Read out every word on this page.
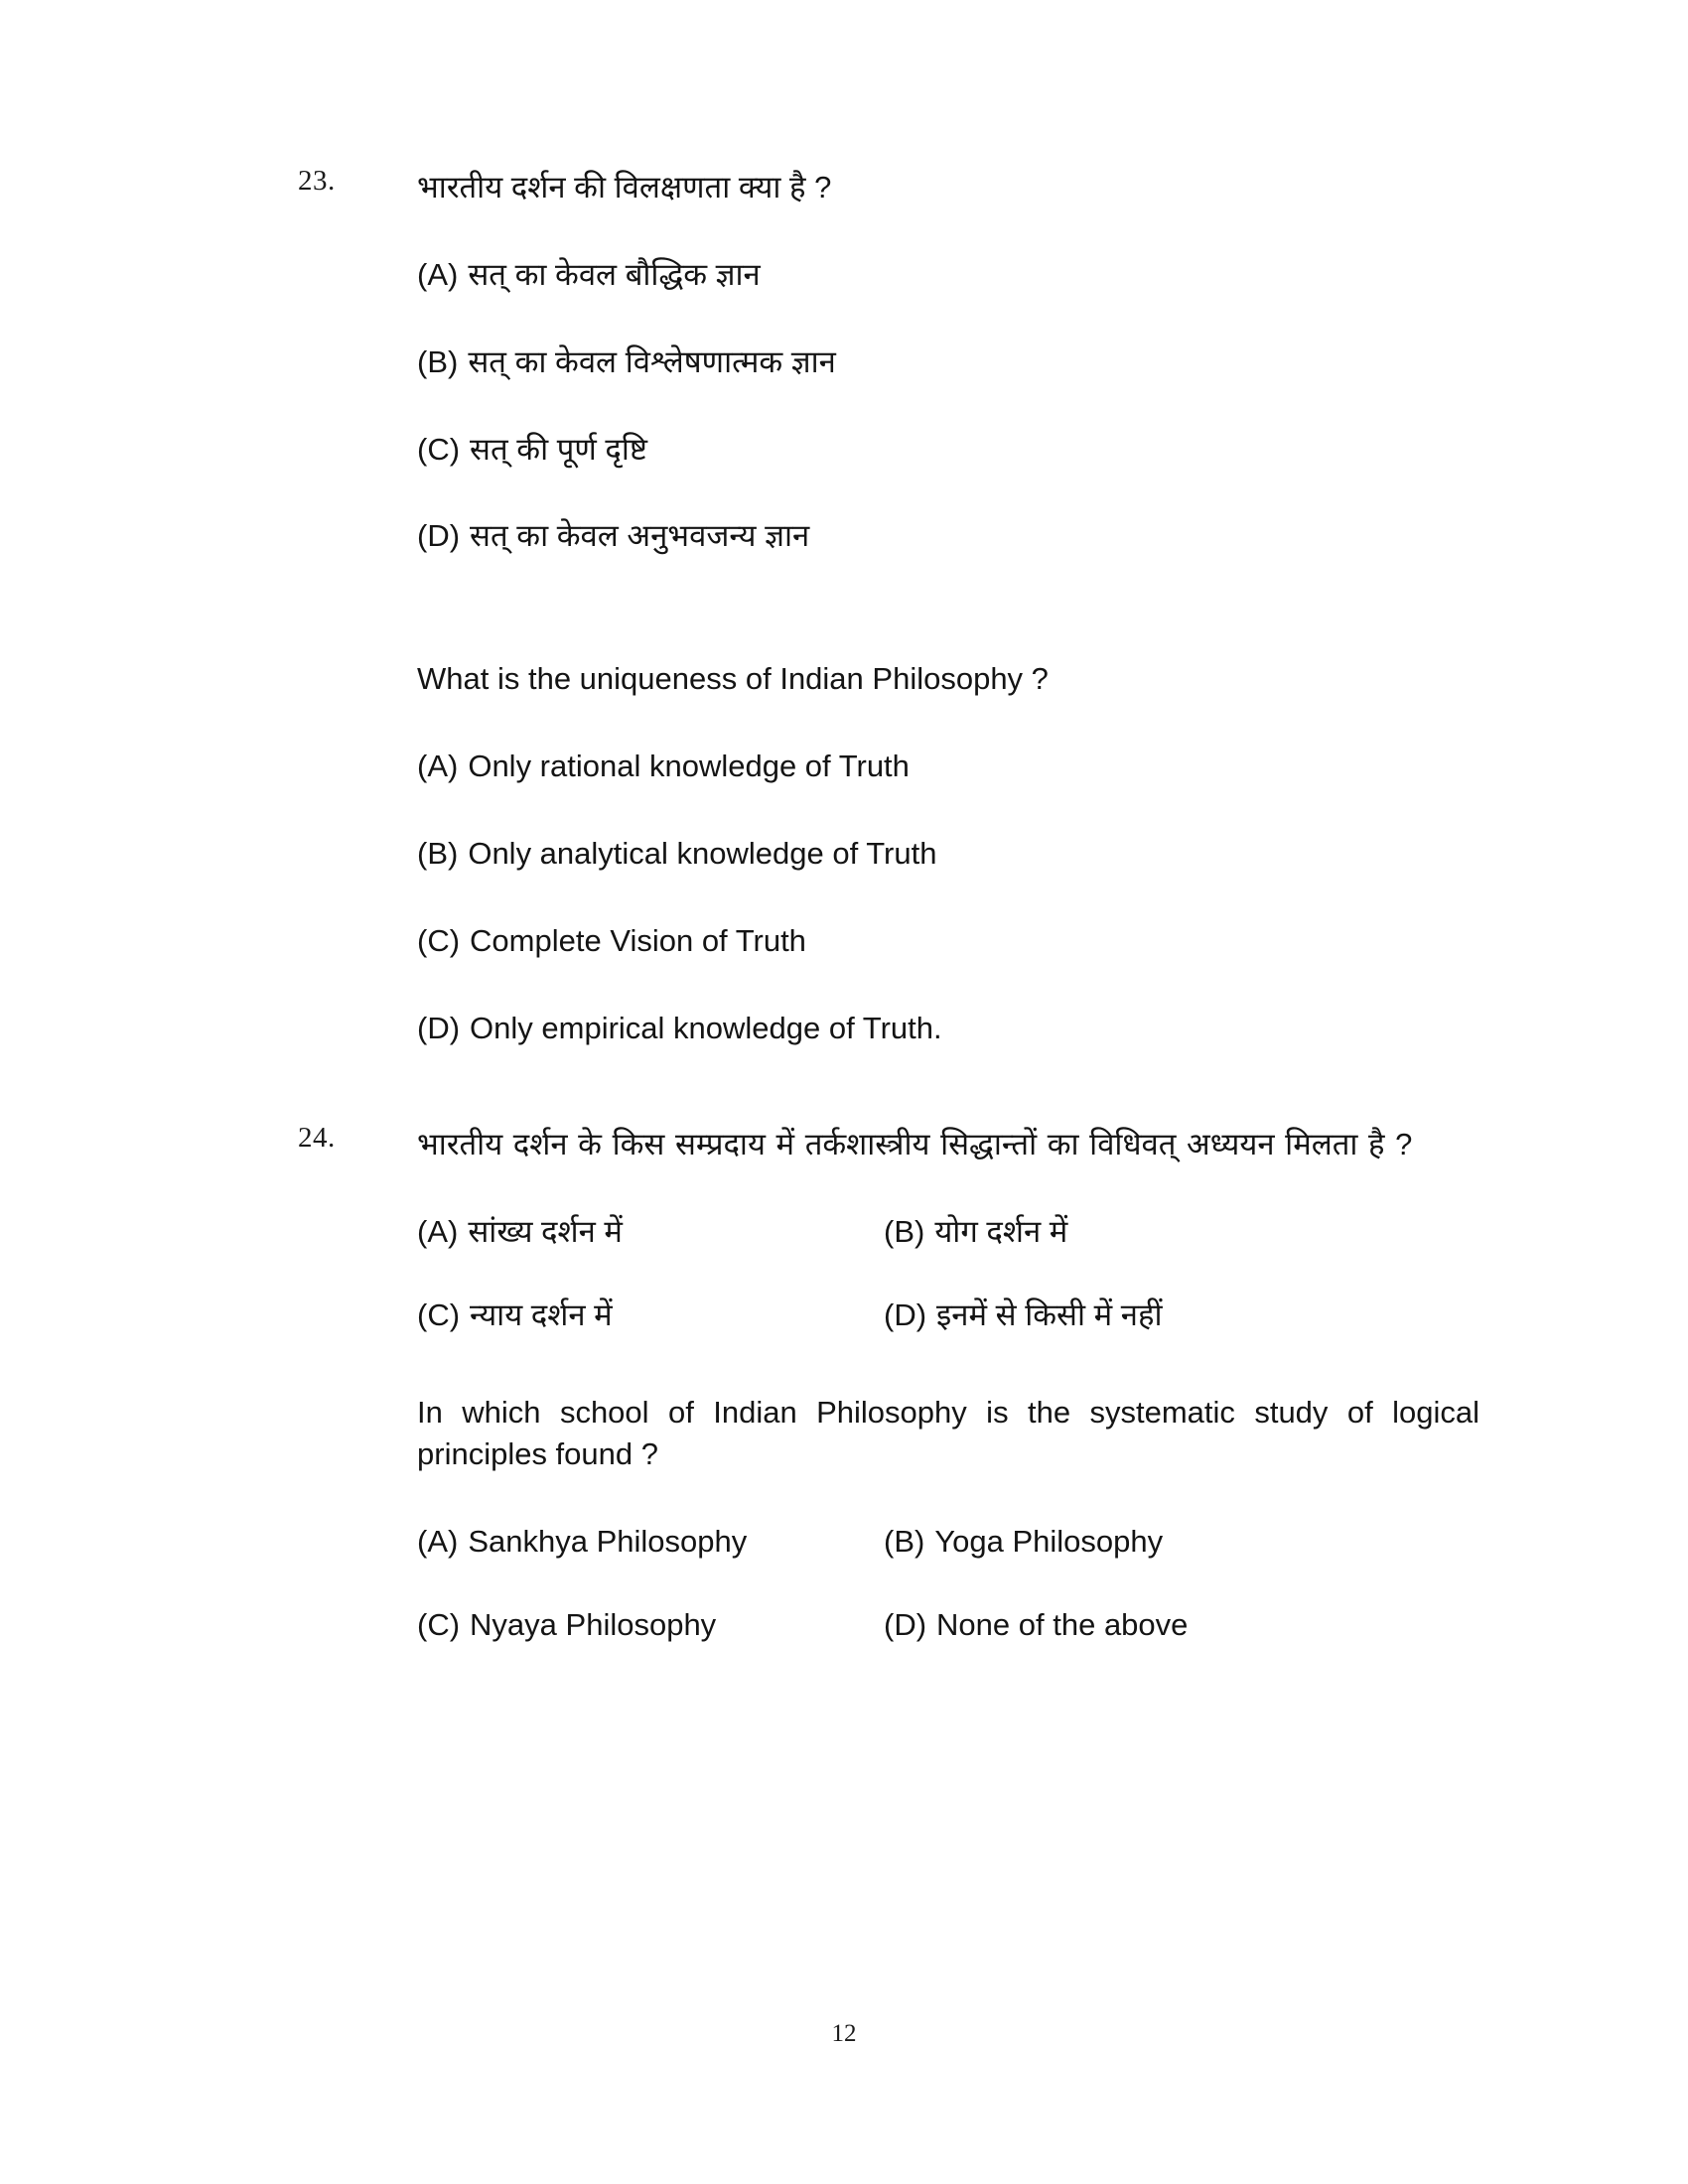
23.	भारतीय दर्शन की विलक्षणता क्या है ?
(A) सत् का केवल बौद्धिक ज्ञान
(B) सत् का केवल विश्लेषणात्मक ज्ञान
(C) सत् की पूर्ण दृष्टि
(D) सत् का केवल अनुभवजन्य ज्ञान
What is the uniqueness of Indian Philosophy ?
(A) Only rational knowledge of Truth
(B) Only analytical knowledge of Truth
(C) Complete Vision of Truth
(D) Only empirical knowledge of Truth.
24.	भारतीय दर्शन के किस सम्प्रदाय में तर्कशास्त्रीय सिद्धान्तों का विधिवत् अध्ययन मिलता है ?
(A) सांख्य दर्शन में	(B) योग दर्शन में
(C) न्याय दर्शन में	(D) इनमें से किसी में नहीं
In which school of Indian Philosophy is the systematic study of logical principles found ?
(A) Sankhya Philosophy	(B) Yoga Philosophy
(C) Nyaya Philosophy	(D) None of the above
12
